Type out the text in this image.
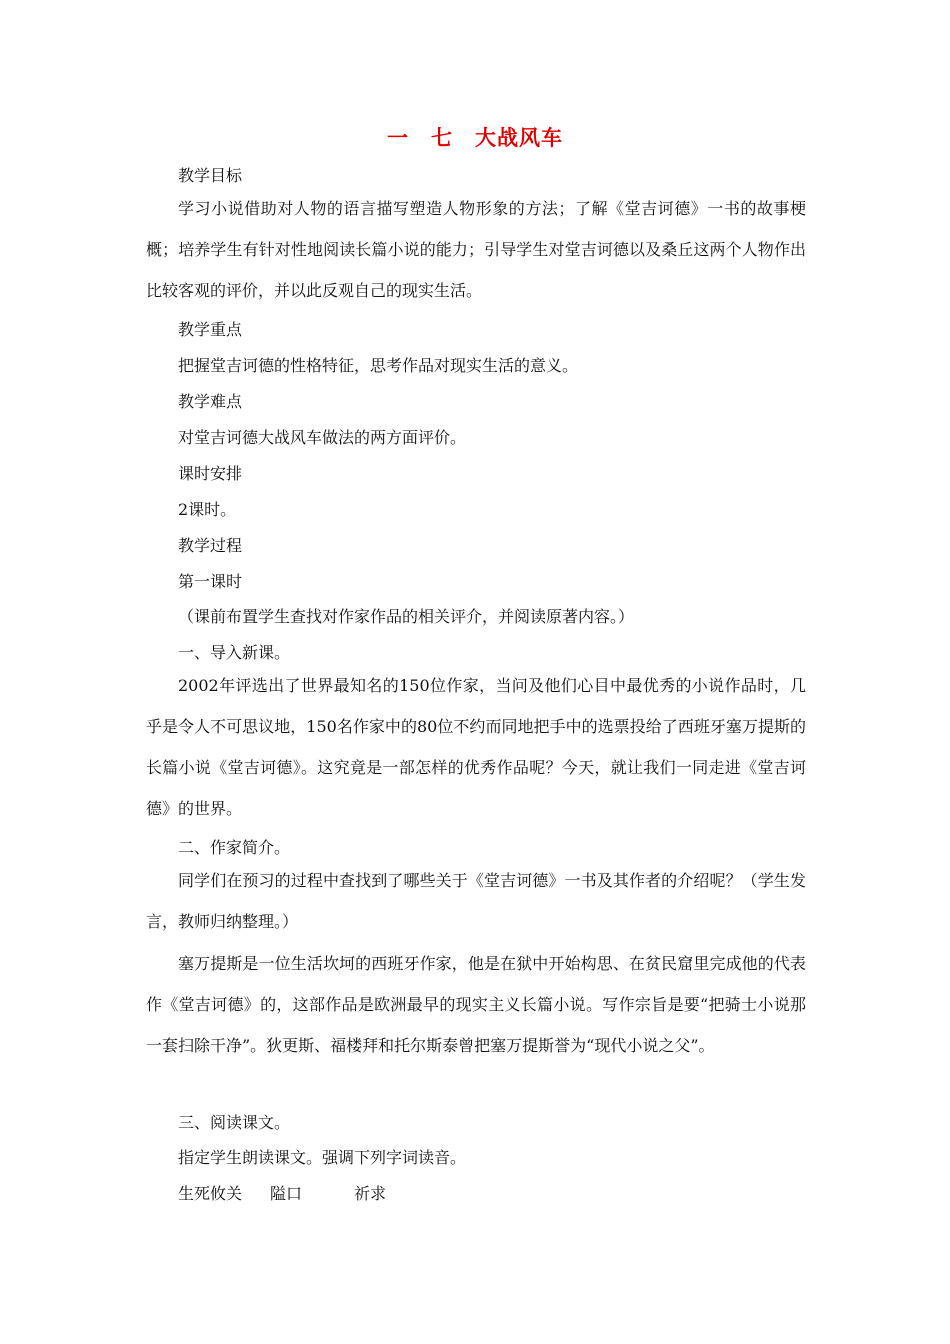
一　七　大战风车
教学目标
学习小说借助对人物的语言描写塑造人物形象的方法；了解《堂吉诃德》一书的故事梗概；培养学生有针对性地阅读长篇小说的能力；引导学生对堂吉诃德以及桑丘这两个人物作出比较客观的评价，并以此反观自己的现实生活。
教学重点
把握堂吉诃德的性格特征，思考作品对现实生活的意义。
教学难点
对堂吉诃德大战风车做法的两方面评价。
课时安排
2课时。
教学过程
第一课时
（课前布置学生查找对作家作品的相关评介，并阅读原著内容。）
一、导入新课。
2002年评选出了世界最知名的150位作家，当问及他们心目中最优秀的小说作品时，几乎是令人不可思议地，150名作家中的80位不约而同地把手中的选票投给了西班牙塞万提斯的长篇小说《堂吉诃德》。这究竟是一部怎样的优秀作品呢？今天，就让我们一同走进《堂吉诃德》的世界。
二、作家简介。
同学们在预习的过程中查找到了哪些关于《堂吉诃德》一书及其作者的介绍呢？（学生发言，教师归纳整理。）
塞万提斯是一位生活坎坷的西班牙作家，他是在狱中开始构思、在贫民窟里完成他的代表作《堂吉诃德》的，这部作品是欧洲最早的现实主义长篇小说。写作宗旨是要“把骑士小说那一套扫除干净”。狄更斯、福楼拜和托尔斯泰曾把塞万提斯誉为“现代小说之父”。
三、阅读课文。
指定学生朗读课文。强调下列字词读音。
生死攸关 隘口	祈求
